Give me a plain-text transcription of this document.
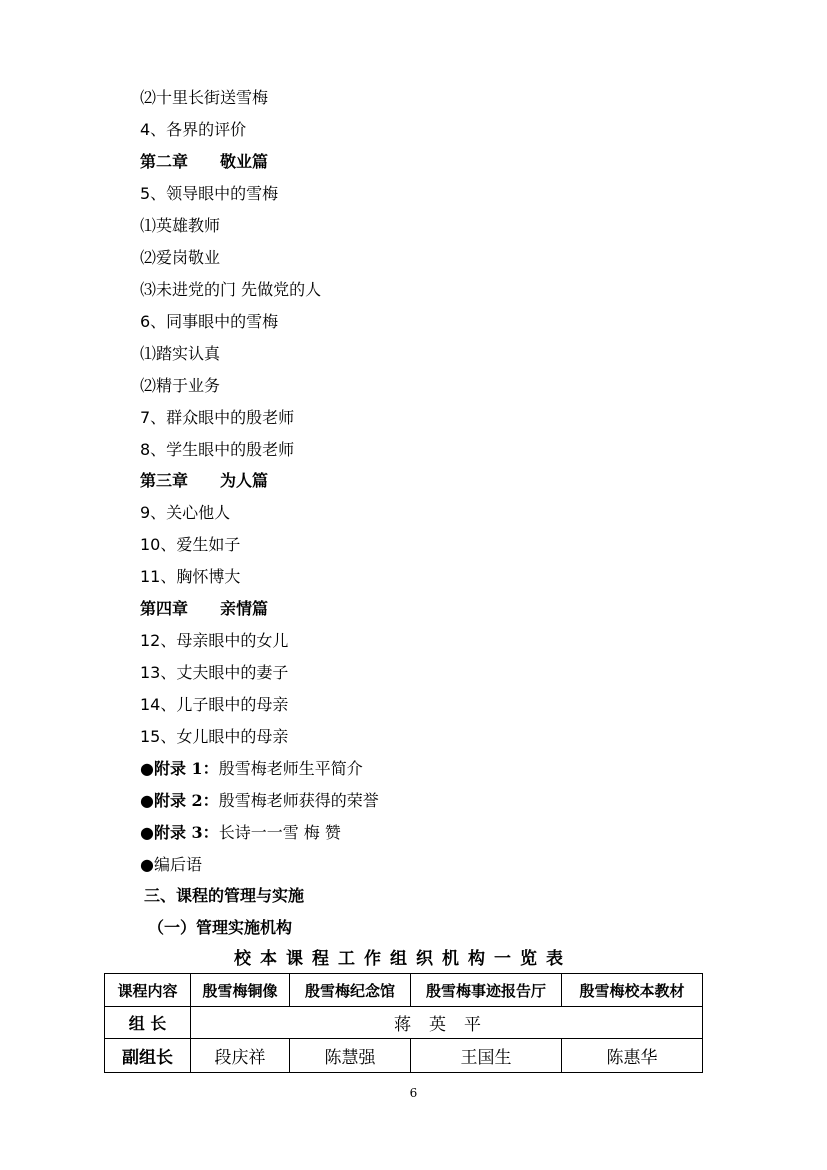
⑵十里长街送雪梅
4、各界的评价
第二章 敬业篇
5、领导眼中的雪梅
⑴英雄教师
⑵爱岗敬业
⑶未进党的门 先做党的人
6、同事眼中的雪梅
⑴踏实认真
⑵精于业务
7、群众眼中的殷老师
8、学生眼中的殷老师
第三章 为人篇
9、关心他人
10、爱生如子
11、胸怀博大
第四章 亲情篇
12、母亲眼中的女儿
13、丈夫眼中的妻子
14、儿子眼中的母亲
15、女儿眼中的母亲
●附录 1：殷雪梅老师生平简介
●附录 2：殷雪梅老师获得的荣誉
●附录 3：长诗一一雪 梅 赞
●编后语
三、课程的管理与实施
（一）管理实施机构
校本课程工作组织机构一览表
课程内容	殷雪梅铜像	殷雪梅纪念馆	殷雪梅事迹报告厅	殷雪梅校本教材
组 长	蒋英平			
副组长	段庆祥	陈慧强	王国生	陈惠华
6
